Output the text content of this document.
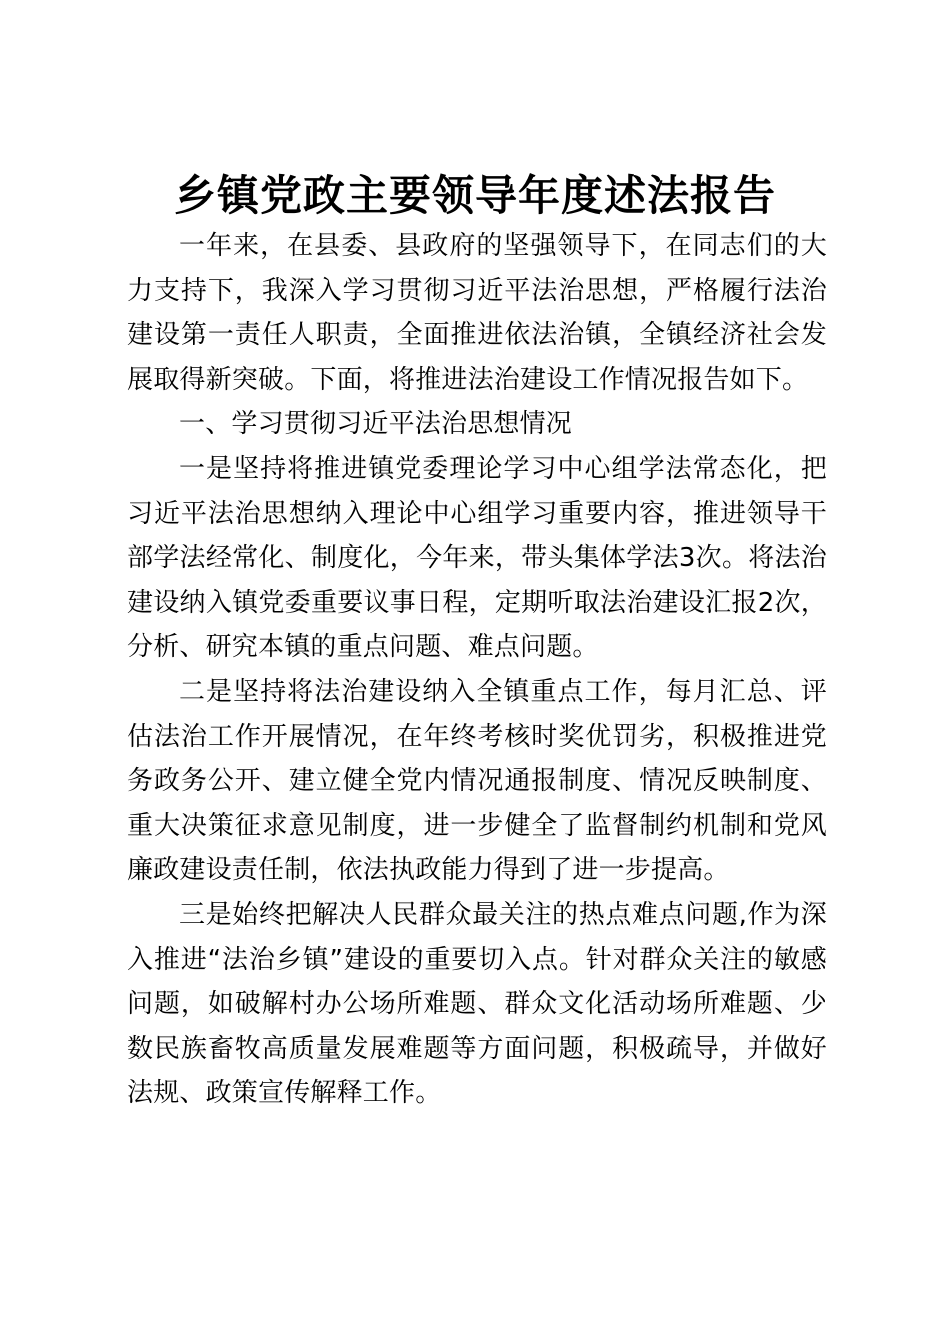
乡镇党政主要领导年度述法报告

一年来，在县委、县政府的坚强领导下，在同志们的大力支持下，我深入学习贯彻习近平法治思想，严格履行法治建设第一责任人职责，全面推进依法治镇，全镇经济社会发展取得新突破。下面，将推进法治建设工作情况报告如下。

一、学习贯彻习近平法治思想情况

一是坚持将推进镇党委理论学习中心组学法常态化，把习近平法治思想纳入理论中心组学习重要内容，推进领导干部学法经常化、制度化，今年来，带头集体学法3次。将法治建设纳入镇党委重要议事日程，定期听取法治建设汇报2次，分析、研究本镇的重点问题、难点问题。

二是坚持将法治建设纳入全镇重点工作，每月汇总、评估法治工作开展情况，在年终考核时奖优罚劣，积极推进党务政务公开、建立健全党内情况通报制度、情况反映制度、重大决策征求意见制度，进一步健全了监督制约机制和党风廉政建设责任制，依法执政能力得到了进一步提高。

三是始终把解决人民群众最关注的热点难点问题,作为深入推进“法治乡镇”建设的重要切入点。针对群众关注的敏感问题，如破解村办公场所难题、群众文化活动场所难题、少数民族畜牧高质量发展难题等方面问题，积极疏导，并做好法规、政策宣传解释工作。
